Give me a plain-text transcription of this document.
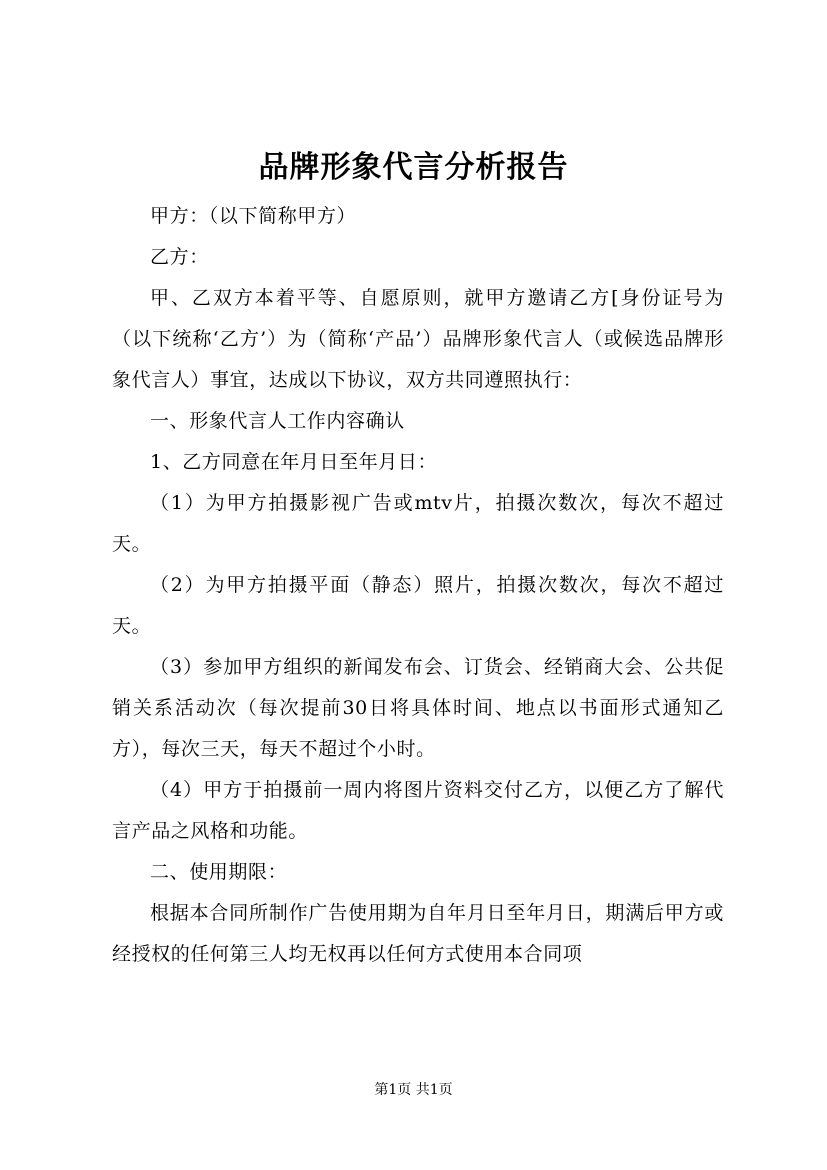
品牌形象代言分析报告

甲方：（以下简称甲方）

乙方：

甲、乙双方本着平等、自愿原则，就甲方邀请乙方[身份证号为（以下统称‘乙方’）为（简称‘产品’）品牌形象代言人（或候选品牌形象代言人）事宜，达成以下协议，双方共同遵照执行：

一、形象代言人工作内容确认

1、乙方同意在年月日至年月日：

（1）为甲方拍摄影视广告或mtv片，拍摄次数次，每次不超过天。

（2）为甲方拍摄平面（静态）照片，拍摄次数次，每次不超过天。

（3）参加甲方组织的新闻发布会、订货会、经销商大会、公共促销关系活动次（每次提前30日将具体时间、地点以书面形式通知乙方），每次三天，每天不超过个小时。

（4）甲方于拍摄前一周内将图片资料交付乙方，以便乙方了解代言产品之风格和功能。

二、使用期限：

根据本合同所制作广告使用期为自年月日至年月日，期满后甲方或经授权的任何第三人均无权再以任何方式使用本合同项

第1页 共1页
